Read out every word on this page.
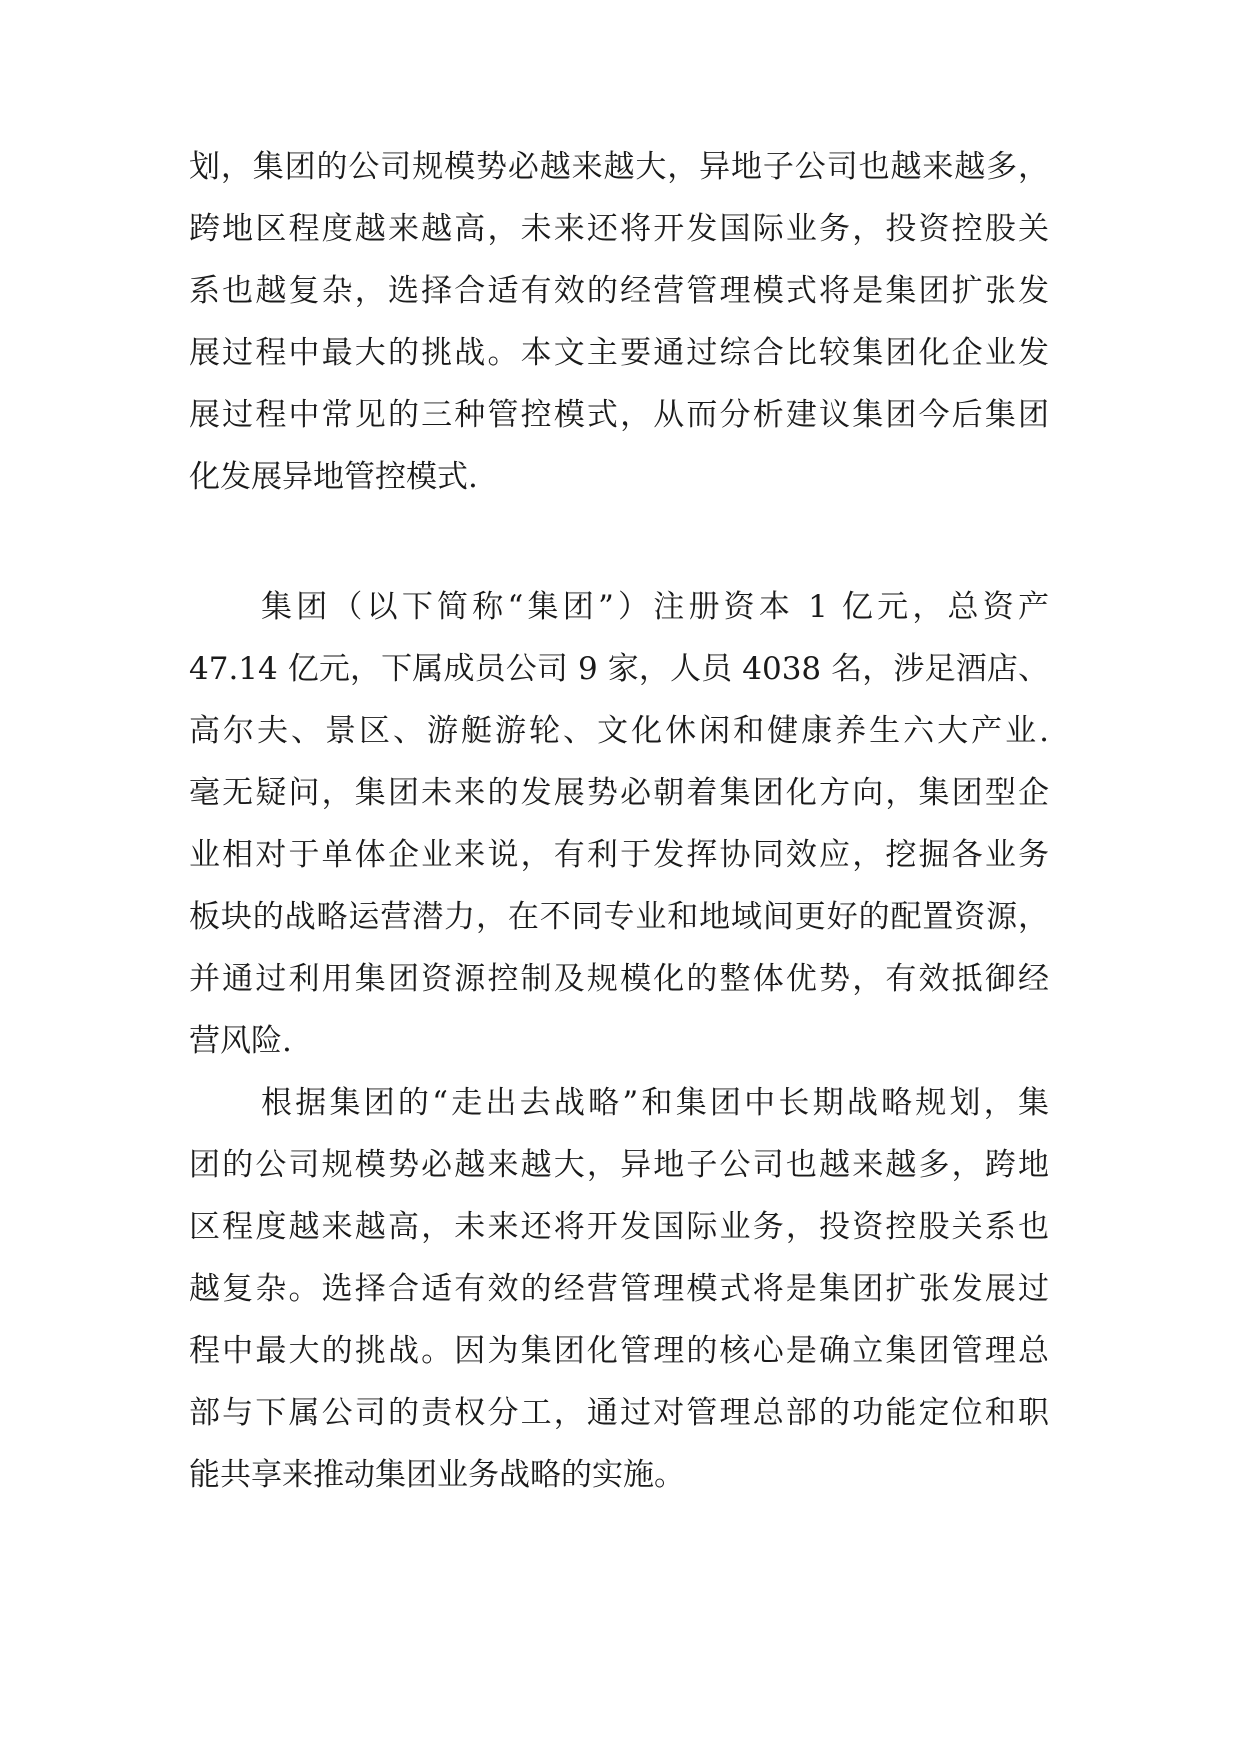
划，集团的公司规模势必越来越大，异地子公司也越来越多，
跨地区程度越来越高，未来还将开发国际业务，投资控股关
系也越复杂，选择合适有效的经营管理模式将是集团扩张发
展过程中最大的挑战。本文主要通过综合比较集团化企业发
展过程中常见的三种管控模式，从而分析建议集团今后集团
化发展异地管控模式.
集团（以下简称“集团”）注册资本 1 亿元，总资产
47.14 亿元，下属成员公司 9 家，人员 4038 名，涉足酒店、
高尔夫、景区、游艇游轮、文化休闲和健康养生六大产业.
毫无疑问，集团未来的发展势必朝着集团化方向，集团型企
业相对于单体企业来说，有利于发挥协同效应，挖掘各业务
板块的战略运营潜力，在不同专业和地域间更好的配置资源，
并通过利用集团资源控制及规模化的整体优势，有效抵御经
营风险.
根据集团的“走出去战略”和集团中长期战略规划，集
团的公司规模势必越来越大，异地子公司也越来越多，跨地
区程度越来越高，未来还将开发国际业务，投资控股关系也
越复杂。选择合适有效的经营管理模式将是集团扩张发展过
程中最大的挑战。因为集团化管理的核心是确立集团管理总
部与下属公司的责权分工，通过对管理总部的功能定位和职
能共享来推动集团业务战略的实施。
